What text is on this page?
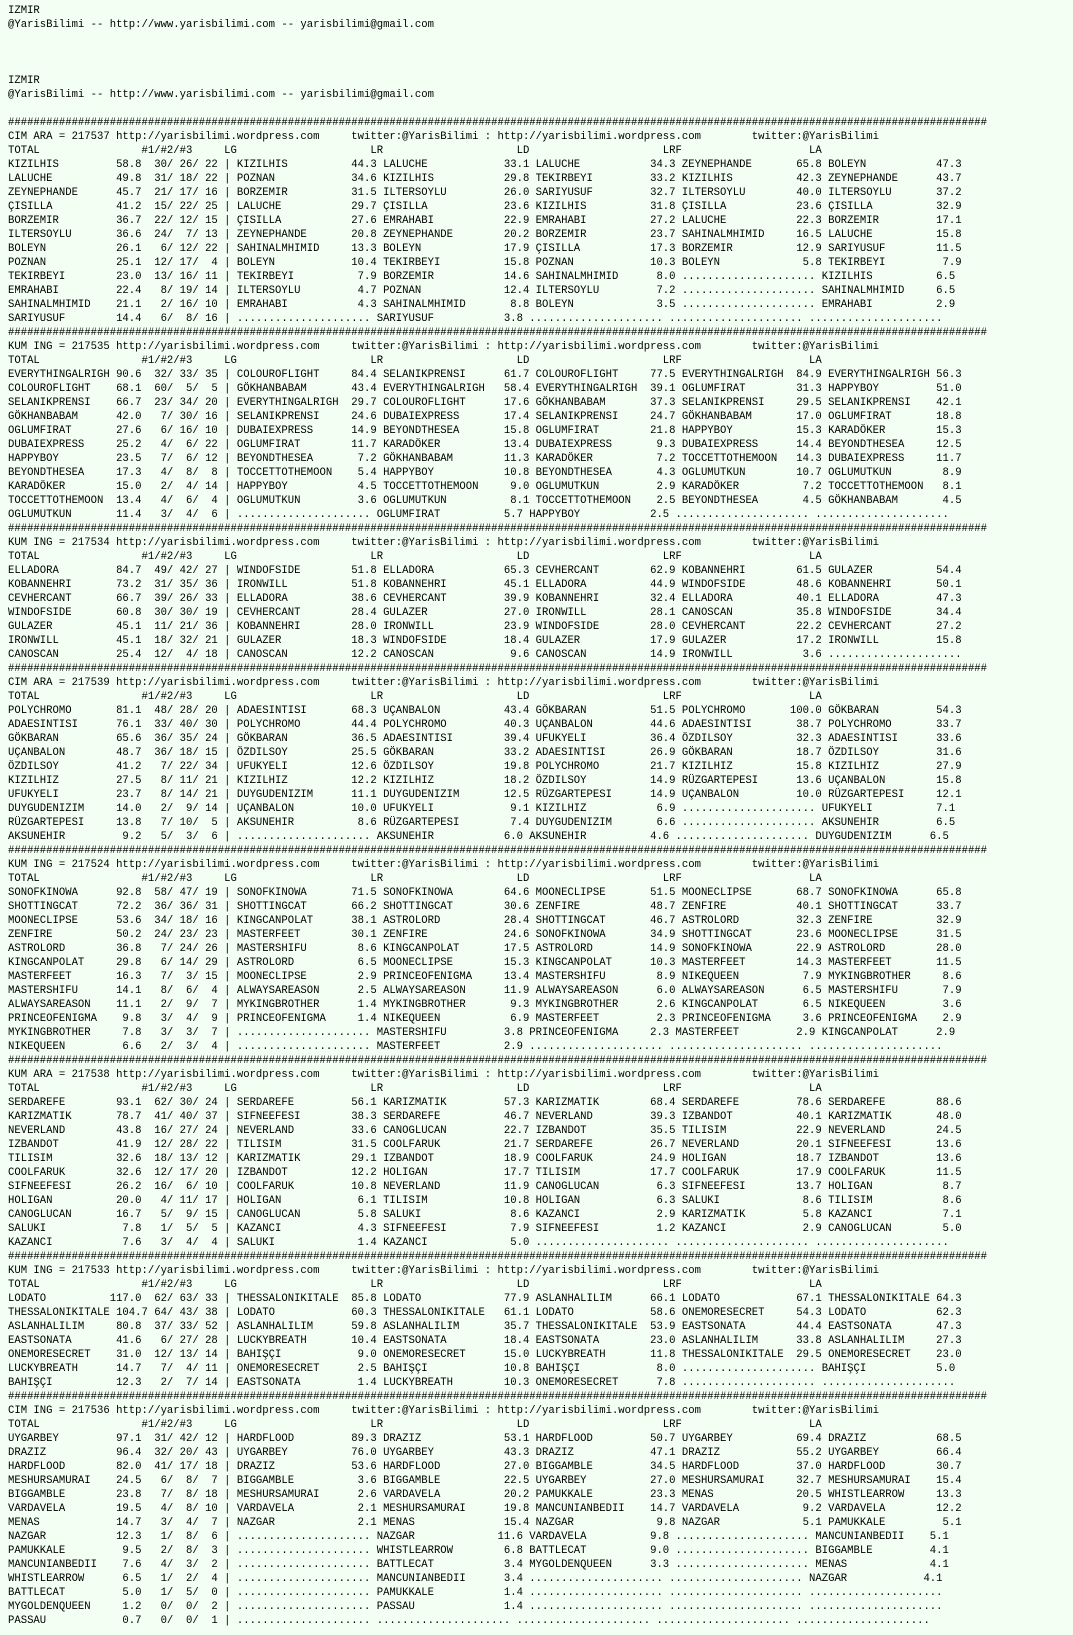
IZMIR
@YarisBilimi -- http://www.yarisbilimi.com -- yarisbilimi@gmail.com
IZMIR
@YarisBilimi -- http://www.yarisbilimi.com -- yarisbilimi@gmail.com
##########################################################################################################################################################
CIM ARA = 217537 http://yarisbilimi.wordpress.com     twitter:@YarisBilimi : http://yarisbilimi.wordpress.com        twitter:@YarisBilimi
TOTAL                #1/#2/#3     LG                     LR                     LD                     LRF                    LA
KIZILHIS         58.8  30/ 26/ 22 | KIZILHIS          44.3 LALUCHE            33.1 LALUCHE           34.3 ZEYNEPHANDE       65.8 BOLEYN           47.3
LALUCHE          49.8  31/ 18/ 22 | POZNAN            34.6 KIZILHIS           29.8 TEKIRBEYI         33.2 KIZILHIS          42.3 ZEYNEPHANDE      43.7
ZEYNEPHANDE      45.7  21/ 17/ 16 | BORZEMIR          31.5 ILTERSOYLU         26.0 SARIYUSUF         32.7 ILTERSOYLU        40.0 ILTERSOYLU       37.2
ÇISILLA          41.2  15/ 22/ 25 | LALUCHE           29.7 ÇISILLA            23.6 KIZILHIS          31.8 ÇISILLA           23.6 ÇISILLA          32.9
BORZEMIR         36.7  22/ 12/ 15 | ÇISILLA           27.6 EMRAHABI           22.9 EMRAHABI          27.2 LALUCHE           22.3 BORZEMIR         17.1
ILTERSOYLU       36.6  24/  7/ 13 | ZEYNEPHANDE       20.8 ZEYNEPHANDE        20.2 BORZEMIR          23.7 SAHINALMHIMID     16.5 LALUCHE          15.8
BOLEYN           26.1   6/ 12/ 22 | SAHINALMHIMID     13.3 BOLEYN             17.9 ÇISILLA           17.3 BORZEMIR          12.9 SARIYUSUF        11.5
POZNAN           25.1  12/ 17/  4 | BOLEYN            10.4 TEKIRBEYI          15.8 POZNAN            10.3 BOLEYN             5.8 TEKIRBEYI         7.9
TEKIRBEYI        23.0  13/ 16/ 11 | TEKIRBEYI          7.9 BORZEMIR           14.6 SAHINALMHIMID      8.0 ..................... KIZILHIS          6.5
EMRAHABI         22.4   8/ 19/ 14 | ILTERSOYLU         4.7 POZNAN             12.4 ILTERSOYLU         7.2 ..................... SAHINALMHIMID     6.5
SAHINALMHIMID    21.1   2/ 16/ 10 | EMRAHABI           4.3 SAHINALMHIMID       8.8 BOLEYN             3.5 ..................... EMRAHABI          2.9
SARIYUSUF        14.4   6/  8/ 16 | ..................... SARIYUSUF           3.8 ..................... ..................... .....................
##########################################################################################################################################################
KUM ING = 217535 http://yarisbilimi.wordpress.com     twitter:@YarisBilimi : http://yarisbilimi.wordpress.com        twitter:@YarisBilimi
TOTAL                #1/#2/#3     LG                     LR                     LD                     LRF                    LA
EVERYTHINGALRIGH 90.6  32/ 33/ 35 | COLOUROFLIGHT     84.4 SELANIKPRENSI      61.7 COLOUROFLIGHT     77.5 EVERYTHINGALRIGH  84.9 EVERYTHINGALRIGH 56.3
COLOUROFLIGHT    68.1  60/  5/  5 | GÖKHANBABAM       43.4 EVERYTHINGALRIGH   58.4 EVERYTHINGALRIGH  39.1 OGLUMFIRAT        31.3 HAPPYBOY         51.0
SELANIKPRENSI    66.7  23/ 34/ 20 | EVERYTHINGALRIGH  29.7 COLOUROFLIGHT      17.6 GÖKHANBABAM       37.3 SELANIKPRENSI     29.5 SELANIKPRENSI    42.1
GÖKHANBABAM      42.0   7/ 30/ 16 | SELANIKPRENSI     24.6 DUBAIEXPRESS       17.4 SELANIKPRENSI     24.7 GÖKHANBABAM       17.0 OGLUMFIRAT       18.8
OGLUMFIRAT       27.6   6/ 16/ 10 | DUBAIEXPRESS      14.9 BEYONDTHESEA       15.8 OGLUMFIRAT        21.8 HAPPYBOY          15.3 KARADÖKER        15.3
DUBAIEXPRESS     25.2   4/  6/ 22 | OGLUMFIRAT        11.7 KARADÖKER          13.4 DUBAIEXPRESS       9.3 DUBAIEXPRESS      14.4 BEYONDTHESEA     12.5
HAPPYBOY         23.5   7/  6/ 12 | BEYONDTHESEA       7.2 GÖKHANBABAM        11.3 KARADÖKER          7.2 TOCCETTOTHEMOON   14.3 DUBAIEXPRESS     11.7
BEYONDTHESEA     17.3   4/  8/  8 | TOCCETTOTHEMOON    5.4 HAPPYBOY           10.8 BEYONDTHESEA       4.3 OGLUMUTKUN        10.7 OGLUMUTKUN        8.9
KARADÖKER        15.0   2/  4/ 14 | HAPPYBOY           4.5 TOCCETTOTHEMOON     9.0 OGLUMUTKUN         2.9 KARADÖKER          7.2 TOCCETTOTHEMOON   8.1
TOCCETTOTHEMOON  13.4   4/  6/  4 | OGLUMUTKUN         3.6 OGLUMUTKUN          8.1 TOCCETTOTHEMOON    2.5 BEYONDTHESEA       4.5 GÖKHANBABAM       4.5
OGLUMUTKUN       11.4   3/  4/  6 | ..................... OGLUMFIRAT          5.7 HAPPYBOY           2.5 ..................... .....................
##########################################################################################################################################################
KUM ING = 217534 http://yarisbilimi.wordpress.com     twitter:@YarisBilimi : http://yarisbilimi.wordpress.com        twitter:@YarisBilimi
TOTAL                #1/#2/#3     LG                     LR                     LD                     LRF                    LA
ELLADORA         84.7  49/ 42/ 27 | WINDOFSIDE        51.8 ELLADORA           65.3 CEVHERCANT        62.9 KOBANNEHRI        61.5 GULAZER          54.4
KOBANNEHRI       73.2  31/ 35/ 36 | IRONWILL          51.8 KOBANNEHRI         45.1 ELLADORA          44.9 WINDOFSIDE        48.6 KOBANNEHRI       50.1
CEVHERCANT       66.7  39/ 26/ 33 | ELLADORA          38.6 CEVHERCANT         39.9 KOBANNEHRI        32.4 ELLADORA          40.1 ELLADORA         47.3
WINDOFSIDE       60.8  30/ 30/ 19 | CEVHERCANT        28.4 GULAZER            27.0 IRONWILL          28.1 CANOSCAN          35.8 WINDOFSIDE       34.4
GULAZER          45.1  11/ 21/ 36 | KOBANNEHRI        28.0 IRONWILL           23.9 WINDOFSIDE        28.0 CEVHERCANT        22.2 CEVHERCANT       27.2
IRONWILL         45.1  18/ 32/ 21 | GULAZER           18.3 WINDOFSIDE         18.4 GULAZER           17.9 GULAZER           17.2 IRONWILL         15.8
CANOSCAN         25.4  12/  4/ 18 | CANOSCAN          12.2 CANOSCAN            9.6 CANOSCAN          14.9 IRONWILL           3.6 .....................
##########################################################################################################################################################
CIM ARA = 217539 http://yarisbilimi.wordpress.com     twitter:@YarisBilimi : http://yarisbilimi.wordpress.com        twitter:@YarisBilimi
TOTAL                #1/#2/#3     LG                     LR                     LD                     LRF                    LA
POLYCHROMO       81.1  48/ 28/ 20 | ADAESINTISI       68.3 UÇANBALON          43.4 GÖKBARAN          51.5 POLYCHROMO       100.0 GÖKBARAN         54.3
ADAESINTISI      76.1  33/ 40/ 30 | POLYCHROMO        44.4 POLYCHROMO         40.3 UÇANBALON         44.6 ADAESINTISI       38.7 POLYCHROMO       33.7
GÖKBARAN         65.6  36/ 35/ 24 | GÖKBARAN          36.5 ADAESINTISI        39.4 UFUKYELI          36.4 ÖZDILSOY          32.3 ADAESINTISI      33.6
UÇANBALON        48.7  36/ 18/ 15 | ÖZDILSOY          25.5 GÖKBARAN           33.2 ADAESINTISI       26.9 GÖKBARAN          18.7 ÖZDILSOY         31.6
ÖZDILSOY         41.2   7/ 22/ 34 | UFUKYELI          12.6 ÖZDILSOY           19.8 POLYCHROMO        21.7 KIZILHIZ          15.8 KIZILHIZ         27.9
KIZILHIZ         27.5   8/ 11/ 21 | KIZILHIZ          12.2 KIZILHIZ           18.2 ÖZDILSOY          14.9 RÜZGARTEPESI      13.6 UÇANBALON        15.8
UFUKYELI         23.7   8/ 14/ 21 | DUYGUDENIZIM      11.1 DUYGUDENIZIM       12.5 RÜZGARTEPESI      14.9 UÇANBALON         10.0 RÜZGARTEPESI     12.1
DUYGUDENIZIM     14.0   2/  9/ 14 | UÇANBALON         10.0 UFUKYELI            9.1 KIZILHIZ           6.9 ..................... UFUKYELI          7.1
RÜZGARTEPESI     13.8   7/ 10/  5 | AKSUNEHIR          8.6 RÜZGARTEPESI        7.4 DUYGUDENIZIM       6.6 ..................... AKSUNEHIR         6.5
AKSUNEHIR         9.2   5/  3/  6 | ..................... AKSUNEHIR           6.0 AKSUNEHIR          4.6 ..................... DUYGUDENIZIM      6.5
##########################################################################################################################################################
KUM ING = 217524 http://yarisbilimi.wordpress.com     twitter:@YarisBilimi : http://yarisbilimi.wordpress.com        twitter:@YarisBilimi
TOTAL                #1/#2/#3     LG                     LR                     LD                     LRF                    LA
SONOFKINOWA      92.8  58/ 47/ 19 | SONOFKINOWA       71.5 SONOFKINOWA        64.6 MOONECLIPSE       51.5 MOONECLIPSE       68.7 SONOFKINOWA      65.8
SHOTTINGCAT      72.2  36/ 36/ 31 | SHOTTINGCAT       66.2 SHOTTINGCAT        30.6 ZENFIRE           48.7 ZENFIRE           40.1 SHOTTINGCAT      33.7
MOONECLIPSE      53.6  34/ 18/ 16 | KINGCANPOLAT      38.1 ASTROLORD          28.4 SHOTTINGCAT       46.7 ASTROLORD         32.3 ZENFIRE          32.9
ZENFIRE          50.2  24/ 23/ 23 | MASTERFEET        30.1 ZENFIRE            24.6 SONOFKINOWA       34.9 SHOTTINGCAT       23.6 MOONECLIPSE      31.5
ASTROLORD        36.8   7/ 24/ 26 | MASTERSHIFU        8.6 KINGCANPOLAT       17.5 ASTROLORD         14.9 SONOFKINOWA       22.9 ASTROLORD        28.0
KINGCANPOLAT     29.8   6/ 14/ 29 | ASTROLORD          6.5 MOONECLIPSE        15.3 KINGCANPOLAT      10.3 MASTERFEET        14.3 MASTERFEET       11.5
MASTERFEET       16.3   7/  3/ 15 | MOONECLIPSE        2.9 PRINCEOFENIGMA     13.4 MASTERSHIFU        8.9 NIKEQUEEN          7.9 MYKINGBROTHER     8.6
MASTERSHIFU      14.1   8/  6/  4 | ALWAYSAREASON      2.5 ALWAYSAREASON      11.9 ALWAYSAREASON      6.0 ALWAYSAREASON      6.5 MASTERSHIFU       7.9
ALWAYSAREASON    11.1   2/  9/  7 | MYKINGBROTHER      1.4 MYKINGBROTHER       9.3 MYKINGBROTHER      2.6 KINGCANPOLAT       6.5 NIKEQUEEN         3.6
PRINCEOFENIGMA    9.8   3/  4/  9 | PRINCEOFENIGMA     1.4 NIKEQUEEN           6.9 MASTERFEET         2.3 PRINCEOFENIGMA     3.6 PRINCEOFENIGMA    2.9
MYKINGBROTHER     7.8   3/  3/  7 | ..................... MASTERSHIFU         3.8 PRINCEOFENIGMA     2.3 MASTERFEET         2.9 KINGCANPOLAT      2.9
NIKEQUEEN         6.6   2/  3/  4 | ..................... MASTERFEET          2.9 ..................... ..................... .....................
##########################################################################################################################################################
KUM ARA = 217538 http://yarisbilimi.wordpress.com     twitter:@YarisBilimi : http://yarisbilimi.wordpress.com        twitter:@YarisBilimi
TOTAL                #1/#2/#3     LG                     LR                     LD                     LRF                    LA
SERDAREFE        93.1  62/ 30/ 24 | SERDAREFE         56.1 KARIZMATIK         57.3 KARIZMATIK        68.4 SERDAREFE         78.6 SERDAREFE        88.6
KARIZMATIK       78.7  41/ 40/ 37 | SIFNEEFESI        38.3 SERDAREFE          46.7 NEVERLAND         39.3 IZBANDOT          40.1 KARIZMATIK       48.0
NEVERLAND        43.8  16/ 27/ 24 | NEVERLAND         33.6 CANOGLUCAN         22.7 IZBANDOT          35.5 TILISIM           22.9 NEVERLAND        24.5
IZBANDOT         41.9  12/ 28/ 22 | TILISIM           31.5 COOLFARUK          21.7 SERDAREFE         26.7 NEVERLAND         20.1 SIFNEEFESI       13.6
TILISIM          32.6  18/ 13/ 12 | KARIZMATIK        29.1 IZBANDOT           18.9 COOLFARUK         24.9 HOLIGAN           18.7 IZBANDOT         13.6
COOLFARUK        32.6  12/ 17/ 20 | IZBANDOT          12.2 HOLIGAN            17.7 TILISIM           17.7 COOLFARUK         17.9 COOLFARUK        11.5
SIFNEEFESI       26.2  16/  6/ 10 | COOLFARUK         10.8 NEVERLAND          11.9 CANOGLUCAN         6.3 SIFNEEFESI        13.7 HOLIGAN           8.7
HOLIGAN          20.0   4/ 11/ 17 | HOLIGAN            6.1 TILISIM            10.8 HOLIGAN            6.3 SALUKI             8.6 TILISIM           8.6
CANOGLUCAN       16.7   5/  9/ 15 | CANOGLUCAN         5.8 SALUKI              8.6 KAZANCI            2.9 KARIZMATIK         5.8 KAZANCI           7.1
SALUKI            7.8   1/  5/  5 | KAZANCI            4.3 SIFNEEFESI          7.9 SIFNEEFESI         1.2 KAZANCI            2.9 CANOGLUCAN        5.0
KAZANCI           7.6   3/  4/  4 | SALUKI             1.4 KAZANCI             5.0 ..................... ..................... .....................
##########################################################################################################################################################
KUM ING = 217533 http://yarisbilimi.wordpress.com     twitter:@YarisBilimi : http://yarisbilimi.wordpress.com        twitter:@YarisBilimi
TOTAL                #1/#2/#3     LG                     LR                     LD                     LRF                    LA
LODATO          117.0  62/ 63/ 33 | THESSALONIKITALE  85.8 LODATO             77.9 ASLANHALILIM      66.1 LODATO            67.1 THESSALONIKITALE 64.3
THESSALONIKITALE 104.7 64/ 43/ 38 | LODATO            60.3 THESSALONIKITALE   61.1 LODATO            58.6 ONEMORESECRET     54.3 LODATO           62.3
ASLANHALILIM     80.8  37/ 33/ 52 | ASLANHALILIM      59.8 ASLANHALILIM       35.7 THESSALONIKITALE  53.9 EASTSONATA        44.4 EASTSONATA       47.3
EASTSONATA       41.6   6/ 27/ 28 | LUCKYBREATH       10.4 EASTSONATA         18.4 EASTSONATA        23.0 ASLANHALILIM      33.8 ASLANHALILIM     27.3
ONEMORESECRET    31.0  12/ 13/ 14 | BAHIŞÇI            9.0 ONEMORESECRET      15.0 LUCKYBREATH       11.8 THESSALONIKITALE  29.5 ONEMORESECRET    23.0
LUCKYBREATH      14.7   7/  4/ 11 | ONEMORESECRET      2.5 BAHIŞÇI            10.8 BAHIŞÇI            8.0 ..................... BAHIŞÇI           5.0
BAHIŞÇI          12.3   2/  7/ 14 | EASTSONATA         1.4 LUCKYBREATH        10.3 ONEMORESECRET      7.8 ..................... .....................
##########################################################################################################################################################
CIM ING = 217536 http://yarisbilimi.wordpress.com     twitter:@YarisBilimi : http://yarisbilimi.wordpress.com        twitter:@YarisBilimi
TOTAL                #1/#2/#3     LG                     LR                     LD                     LRF                    LA
UYGARBEY         97.1  31/ 42/ 12 | HARDFLOOD         89.3 DRAZIZ             53.1 HARDFLOOD         50.7 UYGARBEY          69.4 DRAZIZ           68.5
DRAZIZ           96.4  32/ 20/ 43 | UYGARBEY          76.0 UYGARBEY           43.3 DRAZIZ            47.1 DRAZIZ            55.2 UYGARBEY         66.4
HARDFLOOD        82.0  41/ 17/ 18 | DRAZIZ            53.6 HARDFLOOD          27.0 BIGGAMBLE         34.5 HARDFLOOD         37.0 HARDFLOOD        30.7
MESHURSAMURAI    24.5   6/  8/  7 | BIGGAMBLE          3.6 BIGGAMBLE          22.5 UYGARBEY          27.0 MESHURSAMURAI     32.7 MESHURSAMURAI    15.4
BIGGAMBLE        23.8   7/  8/ 18 | MESHURSAMURAI      2.6 VARDAVELA          20.2 PAMUKKALE         23.3 MENAS             20.5 WHISTLEARROW     13.3
VARDAVELA        19.5   4/  8/ 10 | VARDAVELA          2.1 MESHURSAMURAI      19.8 MANCUNIANBEDII    14.7 VARDAVELA          9.2 VARDAVELA        12.2
MENAS            14.7   3/  4/  7 | NAZGAR             2.1 MENAS              15.4 NAZGAR             9.8 NAZGAR             5.1 PAMUKKALE         5.1
NAZGAR           12.3   1/  8/  6 | ..................... NAZGAR             11.6 VARDAVELA          9.8 ..................... MANCUNIANBEDII    5.1
PAMUKKALE         9.5   2/  8/  3 | ..................... WHISTLEARROW        6.8 BATTLECAT          9.0 ..................... BIGGAMBLE         4.1
MANCUNIANBEDII    7.6   4/  3/  2 | ..................... BATTLECAT           3.4 MYGOLDENQUEEN      3.3 ..................... MENAS             4.1
WHISTLEARROW      6.5   1/  2/  4 | ..................... MANCUNIANBEDII      3.4 ..................... ..................... NAZGAR            4.1
BATTLECAT         5.0   1/  5/  0 | ..................... PAMUKKALE           1.4 ..................... ..................... .....................
MYGOLDENQUEEN     1.2   0/  0/  2 | ..................... PASSAU              1.4 ..................... ..................... .....................
PASSAU            0.7   0/  0/  1 | ..................... ..................... ..................... ..................... .....................
